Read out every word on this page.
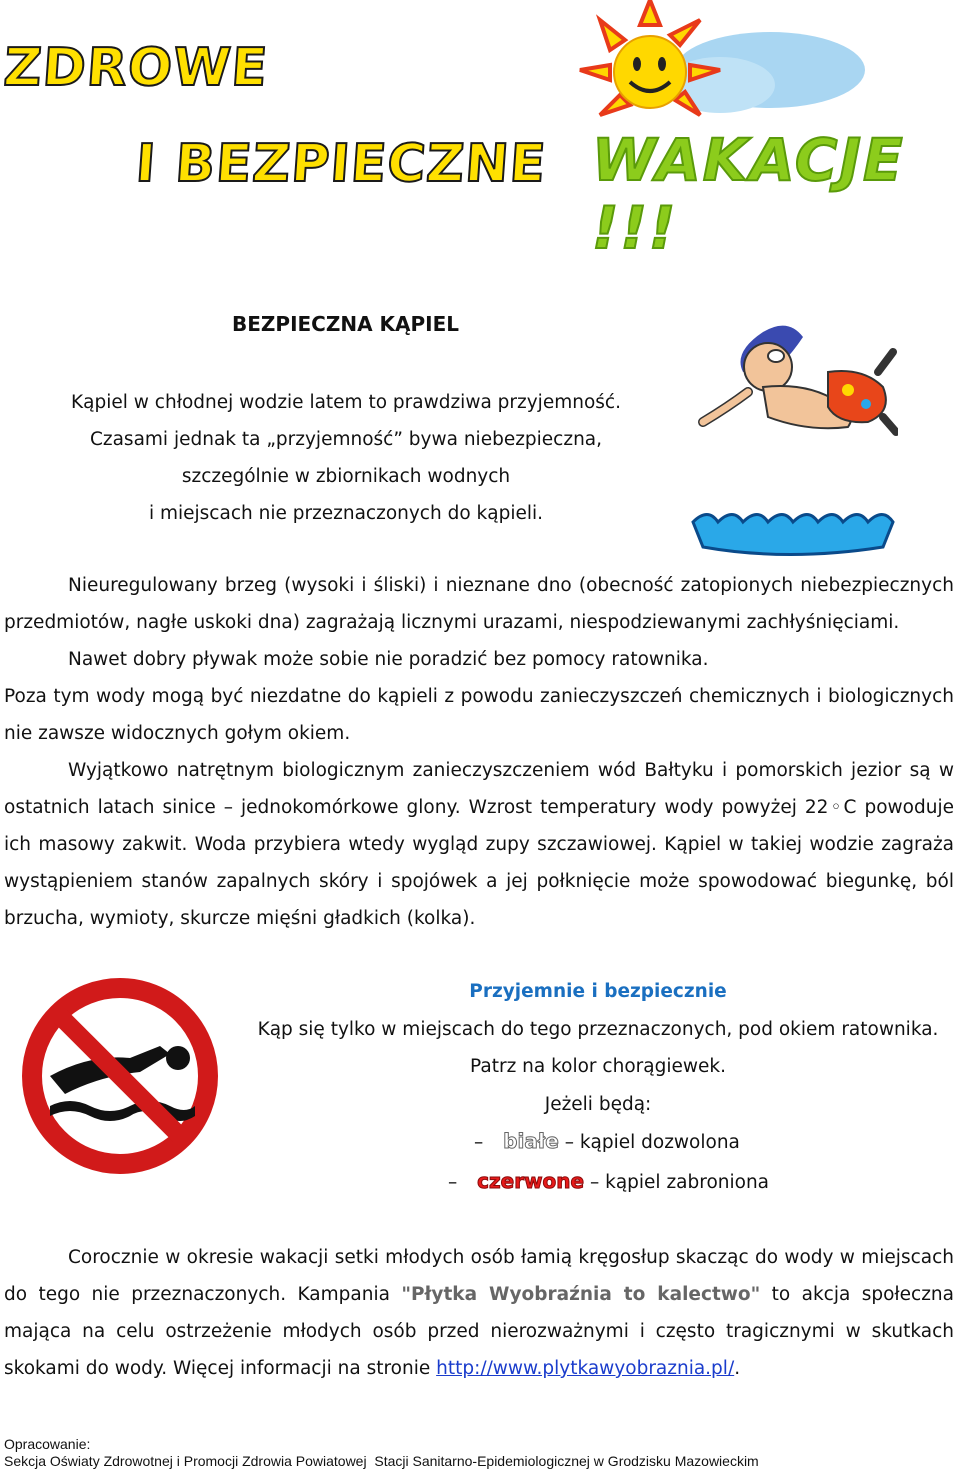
ZDROWE
I BEZPIECZNE WAKACJE !!!
BEZPIECZNA KĄPIEL
Kąpiel w chłodnej wodzie latem to prawdziwa przyjemność.
Czasami jednak ta „przyjemność” bywa niebezpieczna,
szczególnie w zbiornikach wodnych
i miejscach nie przeznaczonych do kąpieli.
Nieuregulowany brzeg (wysoki i śliski) i nieznane dno (obecność zatopionych niebezpiecznych przedmiotów, nagłe uskoki dna) zagrażają licznymi urazami, niespodziewanymi zachłyśnięciami.
Nawet dobry pływak może sobie nie poradzić bez pomocy ratownika.
Poza tym wody mogą być niezdatne do kąpieli z powodu zanieczyszczeń chemicznych i biologicznych nie zawsze widocznych gołym okiem.
Wyjątkowo natrętnym biologicznym zanieczyszczeniem wód Bałtyku i pomorskich jezior są w ostatnich latach sinice – jednokomórkowe glony. Wzrost temperatury wody powyżej 22◦C powoduje ich masowy zakwit. Woda przybiera wtedy wygląd zupy szczawiowej. Kąpiel w takiej wodzie zagraża wystąpieniem stanów zapalnych skóry i spojówek a jej połknięcie może spowodować biegunkę, ból brzucha, wymioty, skurcze mięśni gładkich (kolka).
Przyjemnie i bezpiecznie
Kąp się tylko w miejscach do tego przeznaczonych, pod okiem ratownika.
Patrz na kolor chorągiewek.
Jeżeli będą:
– białe – kąpiel dozwolona
– czerwone – kąpiel zabroniona
Corocznie w okresie wakacji setki młodych osób łamią kręgosłup skacząc do wody w miejscach do tego nie przeznaczonych. Kampania "Płytka Wyobraźnia to kalectwo" to akcja społeczna mająca na celu ostrzeżenie młodych osób przed nierozważnymi i często tragicznymi w skutkach skokami do wody. Więcej informacji na stronie http://www.plytkawyobraznia.pl/.
Opracowanie:
Sekcja Oświaty Zdrowotnej i Promocji Zdrowia Powiatowej  Stacji Sanitarno-Epidemiologicznej w Grodzisku Mazowieckim
